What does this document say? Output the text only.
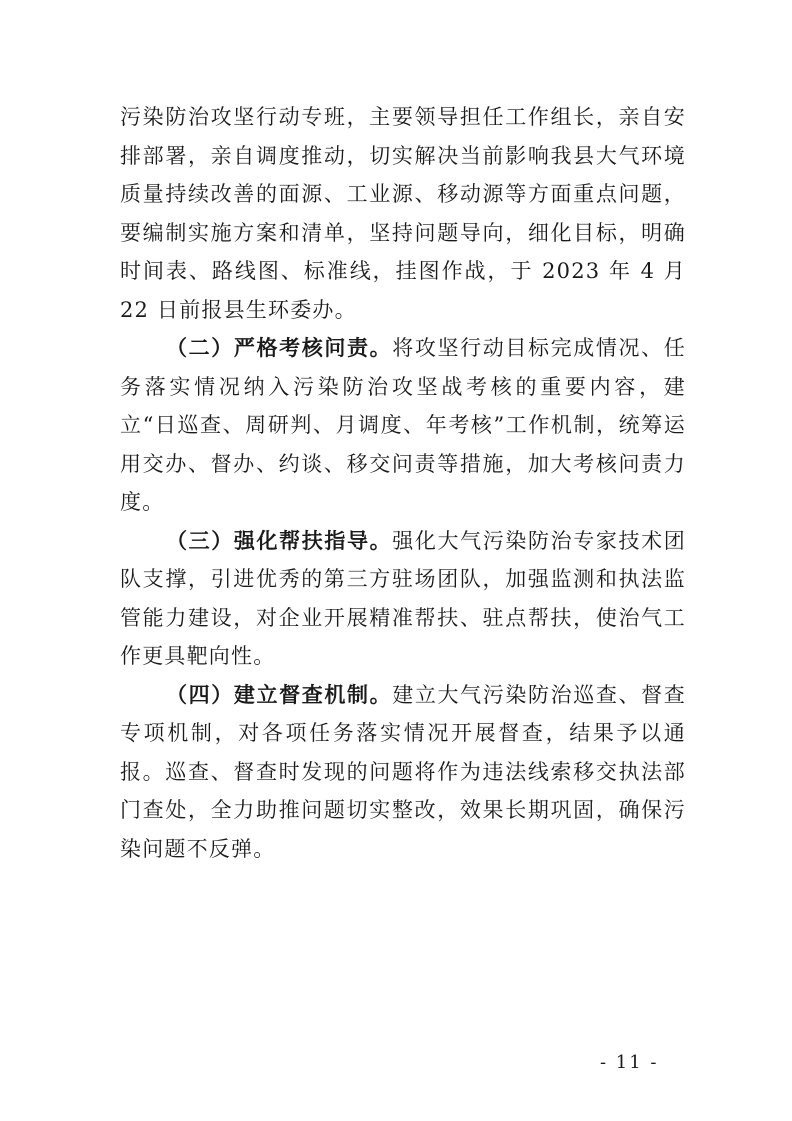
污染防治攻坚行动专班，主要领导担任工作组长，亲自安排部署，亲自调度推动，切实解决当前影响我县大气环境质量持续改善的面源、工业源、移动源等方面重点问题，要编制实施方案和清单，坚持问题导向，细化目标，明确时间表、路线图、标准线，挂图作战，于 2023 年 4 月 22 日前报县生环委办。

（二）严格考核问责。将攻坚行动目标完成情况、任务落实情况纳入污染防治攻坚战考核的重要内容，建立“日巡查、周研判、月调度、年考核”工作机制，统筹运用交办、督办、约谈、移交问责等措施，加大考核问责力度。

（三）强化帮扶指导。强化大气污染防治专家技术团队支撑，引进优秀的第三方驻场团队，加强监测和执法监管能力建设，对企业开展精准帮扶、驻点帮扶，使治气工作更具靶向性。

（四）建立督查机制。建立大气污染防治巡查、督查专项机制，对各项任务落实情况开展督查，结果予以通报。巡查、督查时发现的问题将作为违法线索移交执法部门查处，全力助推问题切实整改，效果长期巩固，确保污染问题不反弹。

- 11 -
